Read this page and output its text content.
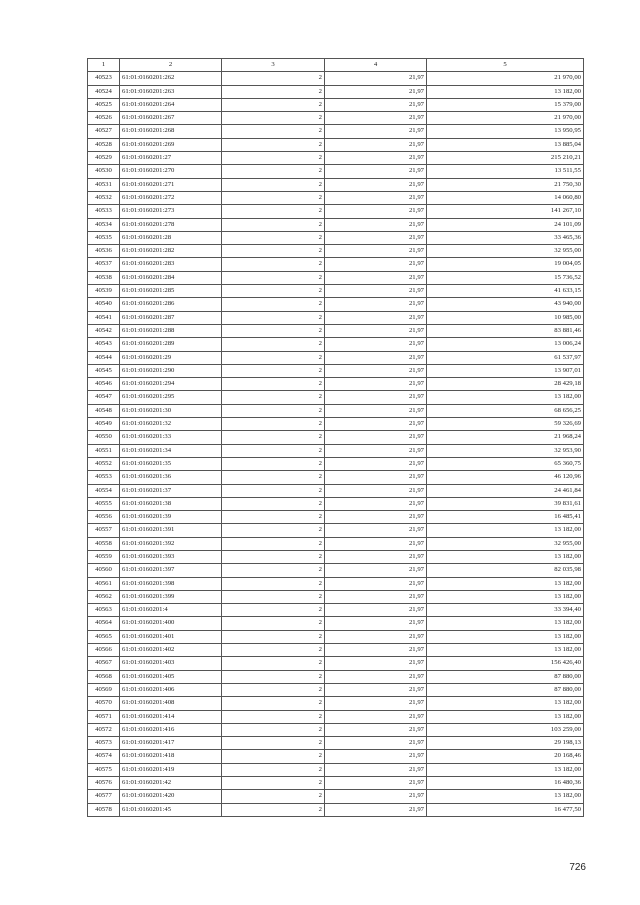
1	2	3	4	5
40523	61:01:0160201:262	2	21,97	21 970,00
40524	61:01:0160201:263	2	21,97	13 182,00
40525	61:01:0160201:264	2	21,97	15 379,00
40526	61:01:0160201:267	2	21,97	21 970,00
40527	61:01:0160201:268	2	21,97	13 950,95
40528	61:01:0160201:269	2	21,97	13 885,04
40529	61:01:0160201:27	2	21,97	215 210,21
40530	61:01:0160201:270	2	21,97	13 511,55
40531	61:01:0160201:271	2	21,97	21 750,30
40532	61:01:0160201:272	2	21,97	14 060,80
40533	61:01:0160201:273	2	21,97	141 267,10
40534	61:01:0160201:278	2	21,97	24 101,09
40535	61:01:0160201:28	2	21,97	33 465,36
40536	61:01:0160201:282	2	21,97	32 955,00
40537	61:01:0160201:283	2	21,97	19 004,05
40538	61:01:0160201:284	2	21,97	15 736,52
40539	61:01:0160201:285	2	21,97	41 633,15
40540	61:01:0160201:286	2	21,97	43 940,00
40541	61:01:0160201:287	2	21,97	10 985,00
40542	61:01:0160201:288	2	21,97	83 881,46
40543	61:01:0160201:289	2	21,97	13 006,24
40544	61:01:0160201:29	2	21,97	61 537,97
40545	61:01:0160201:290	2	21,97	13 907,01
40546	61:01:0160201:294	2	21,97	28 429,18
40547	61:01:0160201:295	2	21,97	13 182,00
40548	61:01:0160201:30	2	21,97	68 656,25
40549	61:01:0160201:32	2	21,97	59 326,69
40550	61:01:0160201:33	2	21,97	21 968,24
40551	61:01:0160201:34	2	21,97	32 953,90
40552	61:01:0160201:35	2	21,97	65 360,75
40553	61:01:0160201:36	2	21,97	46 120,96
40554	61:01:0160201:37	2	21,97	24 461,84
40555	61:01:0160201:38	2	21,97	39 831,61
40556	61:01:0160201:39	2	21,97	16 485,41
40557	61:01:0160201:391	2	21,97	13 182,00
40558	61:01:0160201:392	2	21,97	32 955,00
40559	61:01:0160201:393	2	21,97	13 182,00
40560	61:01:0160201:397	2	21,97	82 035,98
40561	61:01:0160201:398	2	21,97	13 182,00
40562	61:01:0160201:399	2	21,97	13 182,00
40563	61:01:0160201:4	2	21,97	33 394,40
40564	61:01:0160201:400	2	21,97	13 182,00
40565	61:01:0160201:401	2	21,97	13 182,00
40566	61:01:0160201:402	2	21,97	13 182,00
40567	61:01:0160201:403	2	21,97	156 426,40
40568	61:01:0160201:405	2	21,97	87 880,00
40569	61:01:0160201:406	2	21,97	87 880,00
40570	61:01:0160201:408	2	21,97	13 182,00
40571	61:01:0160201:414	2	21,97	13 182,00
40572	61:01:0160201:416	2	21,97	103 259,00
40573	61:01:0160201:417	2	21,97	29 198,13
40574	61:01:0160201:418	2	21,97	20 168,46
40575	61:01:0160201:419	2	21,97	13 182,00
40576	61:01:0160201:42	2	21,97	16 480,36
40577	61:01:0160201:420	2	21,97	13 182,00
40578	61:01:0160201:45	2	21,97	16 477,50
726
